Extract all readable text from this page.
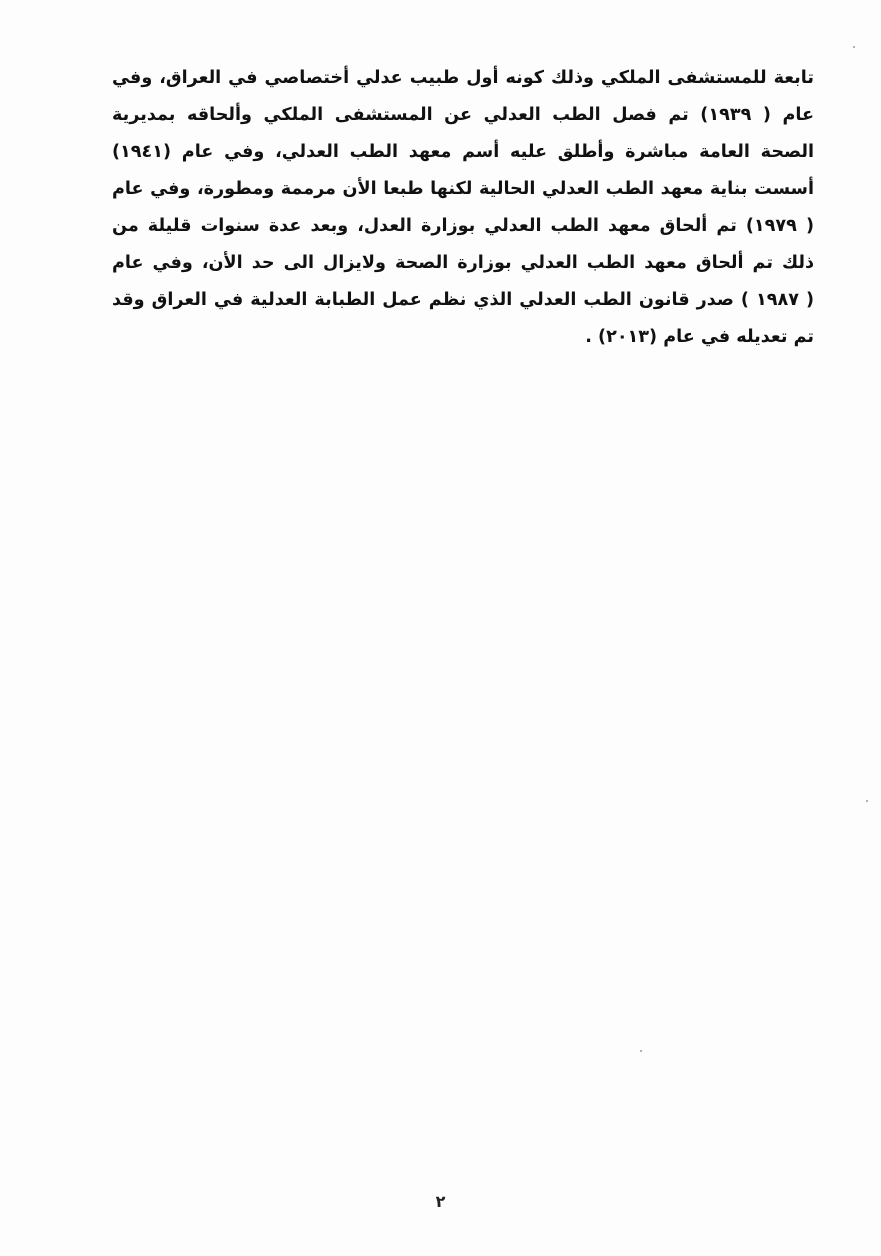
تابعة للمستشفى الملكي وذلك كونه أول طبيب عدلي أختصاصي في العراق، وفي
عام ( ١٩٣٩) تم فصل الطب العدلي عن المستشفى الملكي وألحاقه بمديرية
الصحة العامة مباشرة وأطلق عليه أسم معهد الطب العدلي، وفي عام (١٩٤١)
أسست بناية معهد الطب العدلي الحالية لكنها طبعا الأن مرممة ومطورة، وفي عام
( ١٩٧٩) تم ألحاق معهد الطب العدلي بوزارة العدل، وبعد عدة سنوات قليلة من
ذلك تم ألحاق معهد الطب العدلي بوزارة الصحة ولايزال الى حد الأن، وفي عام
( ١٩٨٧ ) صدر قانون الطب العدلي الذي نظم عمل الطبابة العدلية في العراق وقد
تم تعديله في عام (٢٠١٣) .
٢
